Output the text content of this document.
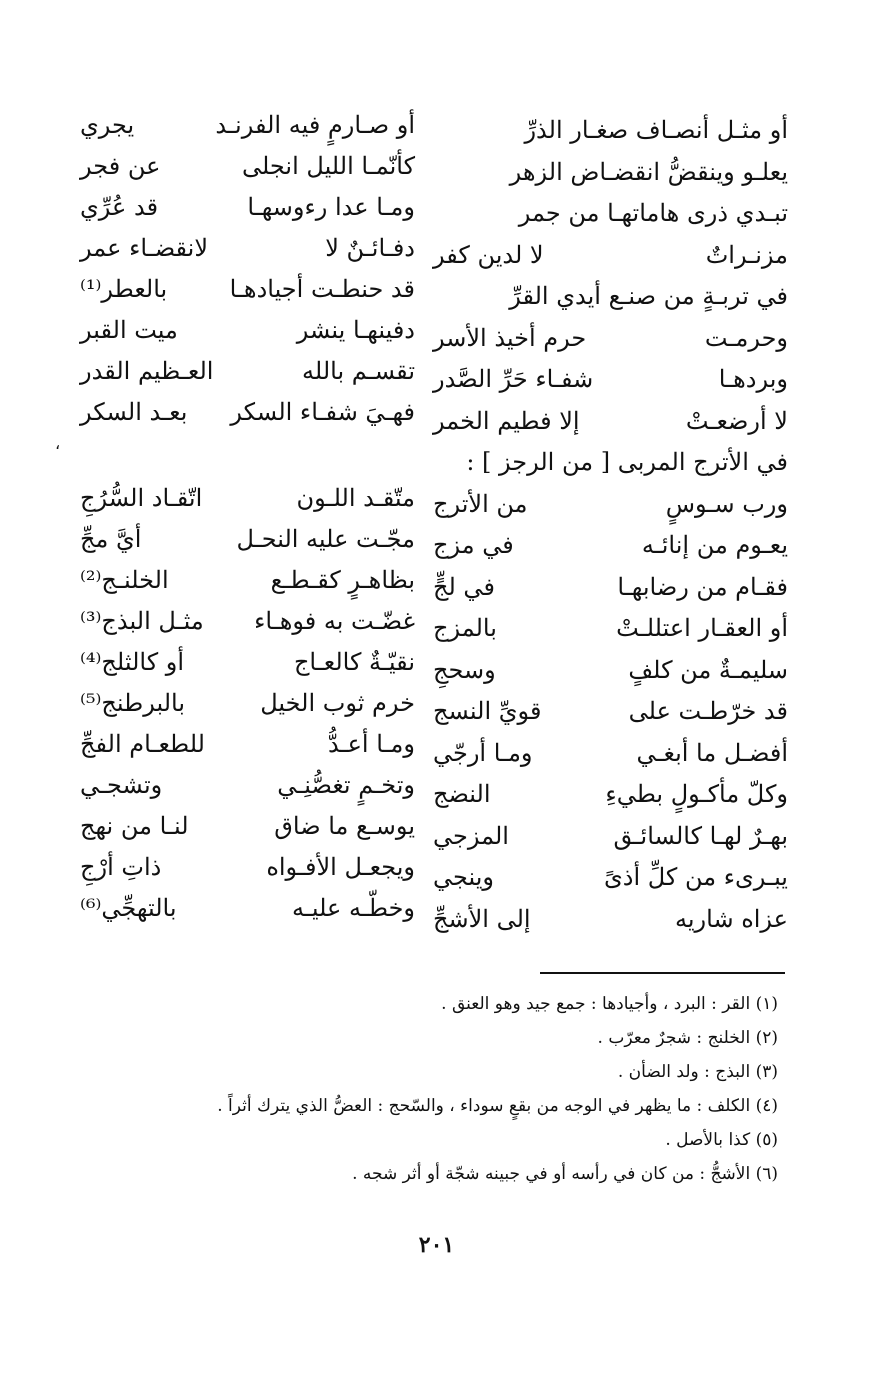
أو مثـل أنصـاف صغـار الذرِّ
يعلـو وينقضُّ انقضـاض الزهر
تبـدي ذرى هاماتهـا من جمر
مزنـراتٌ
لا لدين كفر
في تربـةٍ من صنـع أيدي القرِّ
وحرمـت
حرم أخيذ الأسر
وبردهـا
شفـاء حَرِّ الصَّدر
لا أرضعـتْ
إلا فطيم الخمر
في الأترج المربى [ من الرجز ] :
ورب سـوسٍ
من الأترج
يعـوم من إنائـه
في مزج
فقـام من رضابهـا
في لجٍّ
أو العقـار اعتللـتْ
بالمزج
سليمـةٌ من كلفٍ
وسحجِ
قد خرّطـت على
قويِّ النسج
أفضـل ما أبغـي
ومـا أرجّي
وكلّ مأكـولٍ بطيءِ
النضج
بهـرٌ لهـا كالسائـق
المزجي
يبـرىء من كلِّ أذىً
وينجي
عزاه شاريه
إلى الأشجِّ
أو صـارمٍ فيه الفرنـد
يجري
كأنّمـا الليل انجلى
عن فجر
ومـا عدا رءوسهـا
قد عُرِّي
دفـائـنٌ لا
لانقضـاء عمر
قد حنطـت أجيادهـا
بالعطر⁽¹⁾
دفينهـا ينشر
ميت القبر
تقسـم بالله
العـظيم القدر
فهـيَ شفـاء السكر
بعـد السكر
متّقـد اللـون
اتّقـاد السُّرُجِ
مجّـت عليه النحـل
أيَّ مجِّ
بظاهـرٍ كقـطـع
الخلنـج⁽²⁾
غضّـت به فوهـاء
مثـل البذج⁽³⁾
نقيّـةٌ كالعـاج
أو كالثلج⁽⁴⁾
خرم ثوب الخيل
بالبرطنج⁽⁵⁾
ومـا أعـدُّ
للطعـام الفجِّ
وتخـمٍ تغصُّنِـي
وتشجـي
يوسـع ما ضاق
لنـا من نهج
ويجعـل الأفـواه
ذاتِ أرْجِ
وخطّـه عليـه
بالتهجِّي⁽⁶⁾
،
(١) القر : البرد ، وأجيادها : جمع جيد وهو العنق .
(٢) الخلنج : شجرٌ معرّب .
(٣) البذج : ولد الضأن .
(٤) الكلف : ما يظهر في الوجه من بقعٍ سوداء ، والسّحج : العضُّ الذي يترك أثراً .
(٥) كذا بالأصل .
(٦) الأشجُّ : من كان في رأسه أو في جبينه شجّة أو أثر شجه .
٢٠١
